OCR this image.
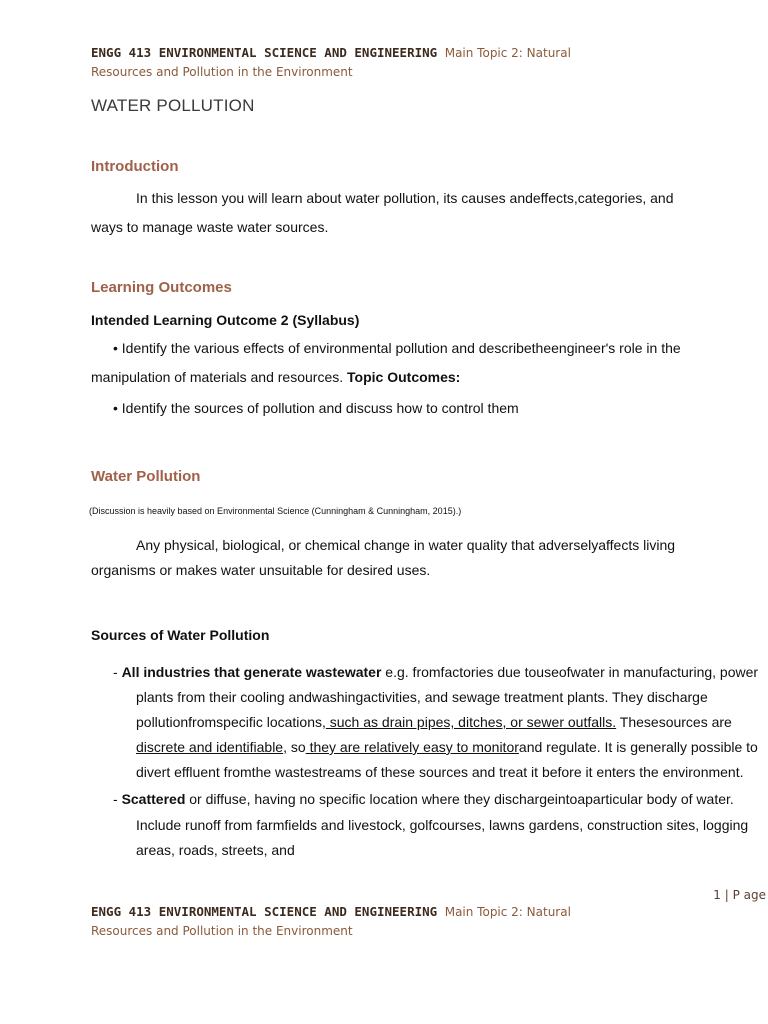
ENGG 413 ENVIRONMENTAL SCIENCE AND ENGINEERING Main Topic 2: Natural
Resources and Pollution in the Environment
WATER POLLUTION
Introduction
In this lesson you will learn about water pollution, its causes andeffects,categories, and
ways to manage waste water sources.
Learning Outcomes
Intended Learning Outcome 2 (Syllabus)
• Identify the various effects of environmental pollution and describetheengineer's role in the
manipulation of materials and resources. Topic Outcomes:
• Identify the sources of pollution and discuss how to control them
Water Pollution
(Discussion is heavily based on Environmental Science (Cunningham & Cunningham, 2015).)
Any physical, biological, or chemical change in water quality that adverselyaffects living
organisms or makes water unsuitable for desired uses.
Sources of Water Pollution
- All industries that generate wastewater e.g. fromfactories due touseofwater in manufacturing, power
plants from their cooling andwashingactivities, and sewage treatment plants. They discharge
pollutionfromspecific locations, such as drain pipes, ditches, or sewer outfalls. Thesesources are
discrete and identifiable, so they are relatively easy to monitorand regulate. It is generally possible to
divert effluent fromthe wastestreams of these sources and treat it before it enters the environment.
- Scattered or diffuse, having no specific location where they dischargeintoaparticular body of water.
Include runoff from farmfields and livestock, golfcourses, lawns gardens, construction sites, logging
areas, roads, streets, and
1 | P age
ENGG 413 ENVIRONMENTAL SCIENCE AND ENGINEERING Main Topic 2: Natural
Resources and Pollution in the Environment
